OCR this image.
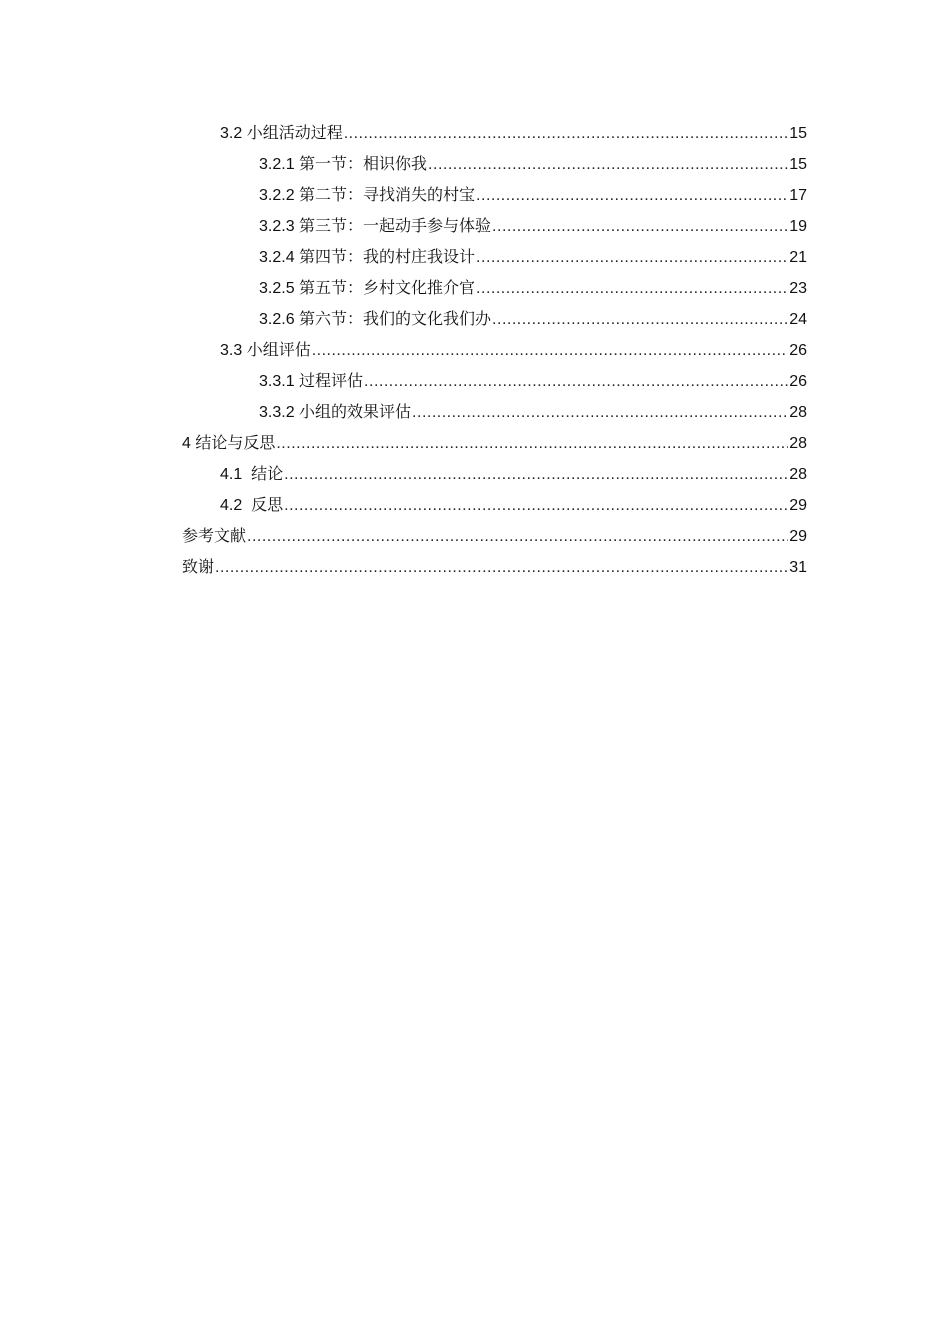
3.2 小组活动过程 .....	15
3.2.1 第一节：相识你我 .....	15
3.2.2 第二节：寻找消失的村宝 .....	17
3.2.3 第三节：一起动手参与体验 .....	19
3.2.4 第四节：我的村庄我设计 .....	21
3.2.5 第五节：乡村文化推介官 .....	23
3.2.6 第六节：我们的文化我们办 .....	24
3.3 小组评估 .....	26
3.3.1 过程评估 .....	26
3.3.2 小组的效果评估 .....	28
4 结论与反思 .....	28
4.1  结论 .....	28
4.2  反思 .....	29
参考文献 .....	29
致谢 .....	31
